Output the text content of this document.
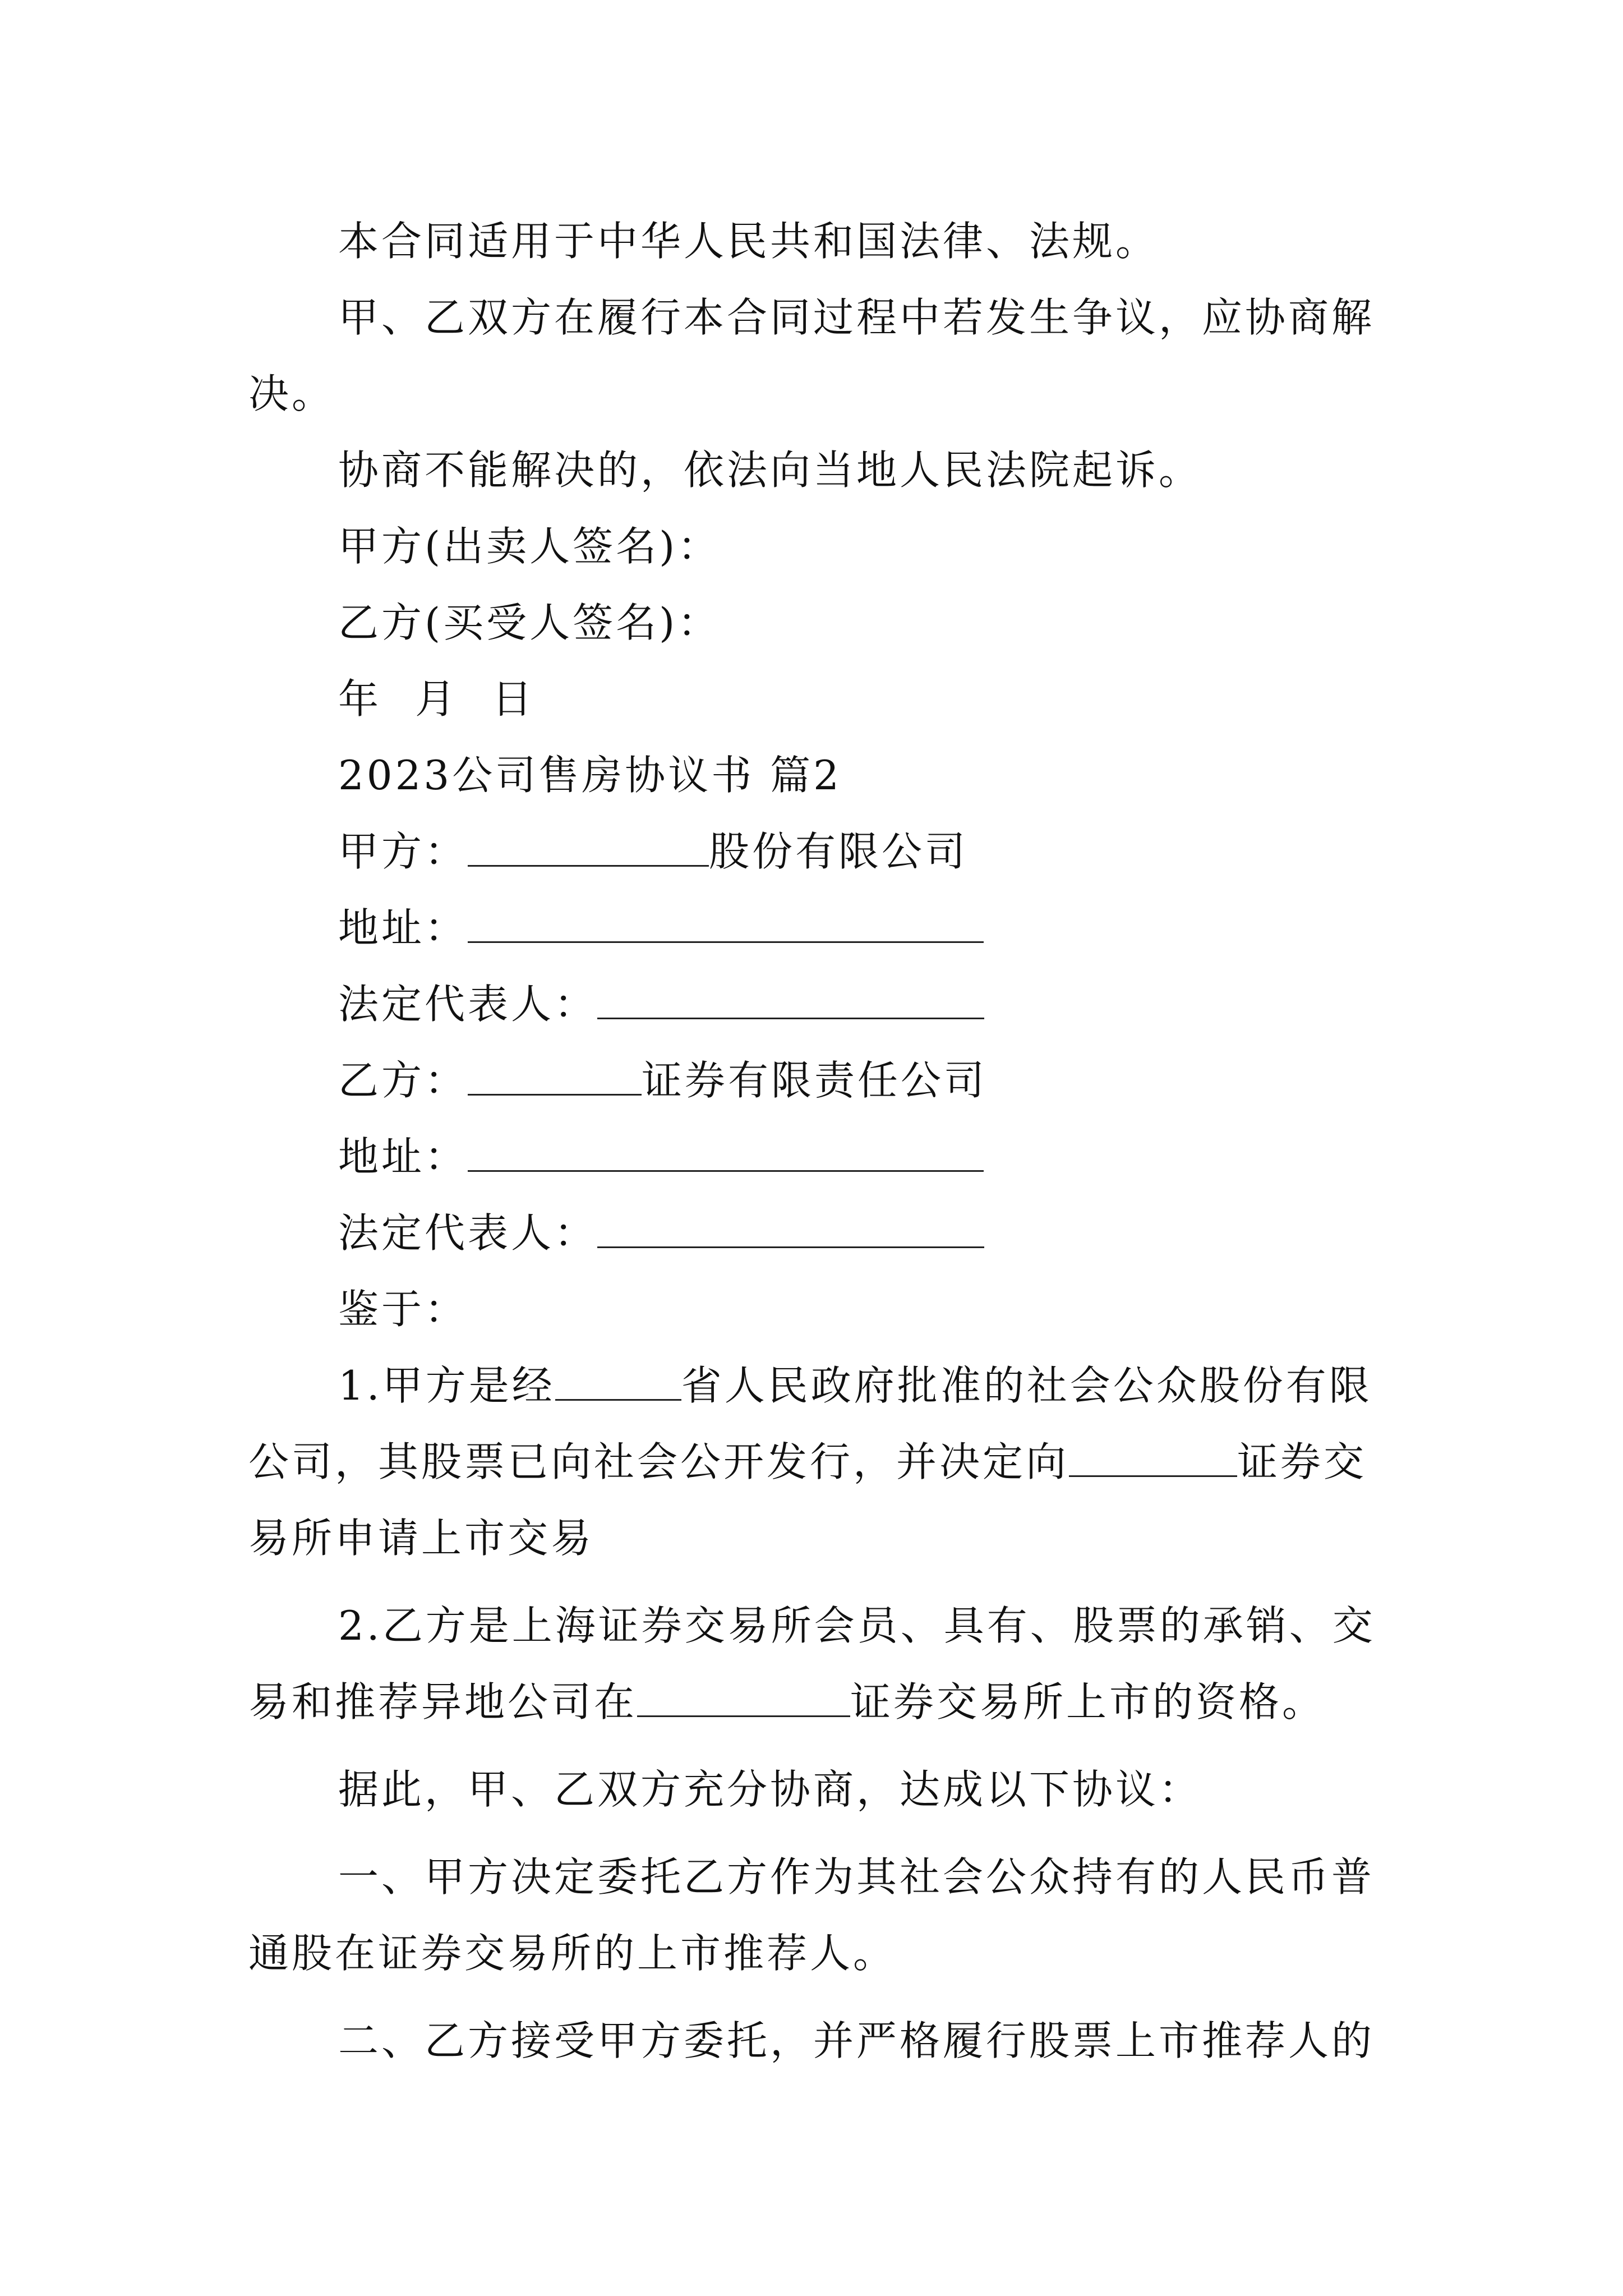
本合同适用于中华人民共和国法律、法规。
甲、乙双方在履行本合同过程中若发生争议，应协商解
决。
协商不能解决的，依法向当地人民法院起诉。
甲方(出卖人签名)：
乙方(买受人签名)：
年 月 日
2023公司售房协议书 篇2
甲方：	股份有限公司
地址：
法定代表人：
乙方：	证券有限责任公司
地址：
法定代表人：
鉴于：
1.甲方是经	省人民政府批准的社会公众股份有限
公司，其股票已向社会公开发行，并决定向	证券交
易所申请上市交易
2.乙方是上海证券交易所会员、具有、股票的承销、交
易和推荐异地公司在	证券交易所上市的资格。
据此，甲、乙双方充分协商，达成以下协议：
一、甲方决定委托乙方作为其社会公众持有的人民币普
通股在证券交易所的上市推荐人。
二、乙方接受甲方委托，并严格履行股票上市推荐人的
